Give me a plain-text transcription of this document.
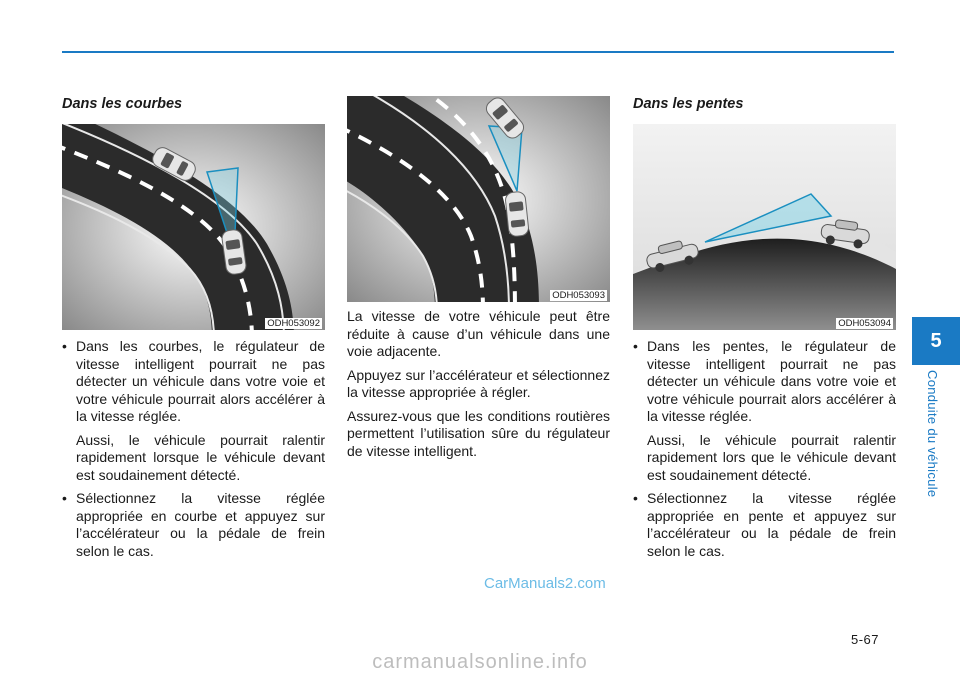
Dans les courbes
ODH053092
• Dans les courbes, le régulateur de vitesse intelligent pourrait ne pas détecter un véhicule dans votre voie et votre véhicule pourrait alors accélérer à la vitesse réglée.

Aussi, le véhicule pourrait ralentir rapidement lorsque le véhicule devant est soudainement détecté.

• Sélectionnez la vitesse réglée appropriée en courbe et appuyez sur l’accélérateur ou la pédale de frein selon le cas.

ODH053093

La vitesse de votre véhicule peut être réduite à cause d’un véhicule dans une voie adjacente.

Appuyez sur l’accélérateur et sélectionnez la vitesse appropriée à régler.

Assurez-vous que les conditions routières permettent l’utilisation sûre du régulateur de vitesse intelligent.

Dans les pentes
ODH053094
• Dans les pentes, le régulateur de vitesse intelligent pourrait ne pas détecter un véhicule dans votre voie et votre véhicule pourrait alors accélérer à la vitesse réglée.

Aussi, le véhicule pourrait ralentir rapidement lors que le véhicule devant est soudainement détecté.

• Sélectionnez la vitesse réglée appropriée en pente et appuyez sur l’accélérateur ou la pédale de frein selon le cas.

5
Conduite du véhicule
CarManuals2.com
5-67
carmanualsonline.info
